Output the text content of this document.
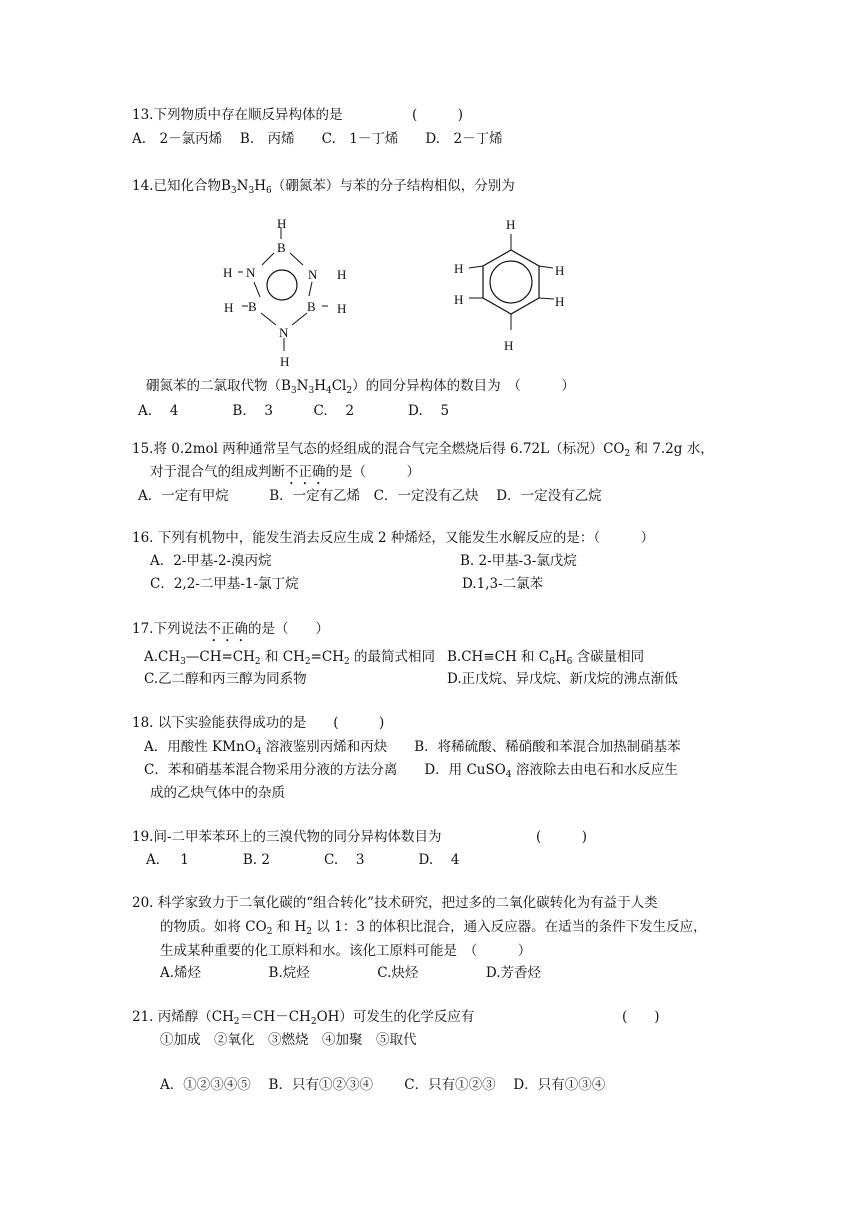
13.下列物质中存在顺反异构体的是	(　　　)
A.　2－氯丙烯　 B.　丙烯　　C.　1－丁烯　　D.　2－丁烯
14.已知化合物$B_3N_3H_6$（硼氮苯）与苯的分子结构相似，分别为
H
B
H N	N H
H B	B H
N
H
H
H
H
H
H
H
硼氮苯的二氯取代物$(B_3N_3H_4Cl_2)$的同分异构体的数目为　（　　　）
A.　 4　　　　B.　 3　　　C.　 2　　　　D.　 5
15.将 0.2mol 两种通常呈气态的烃组成的混合气完全燃烧后得 6.72L（标况）$CO_2$ 和 7.2g 水，
对于混合气的组成判断不正确的是（　　　）
A．一定有甲烷　　　B．一定有乙烯　C．一定没有乙炔　 D．一定没有乙烷
16. 下列有机物中，能发生消去反应生成 2 种烯烃，又能发生水解反应的是：（　　　）
A．2-甲基-2-溴丙烷	B. 2-甲基-3-氯戊烷
C．2,2-二甲基-1-氯丁烷	D.1,3-二氯苯
17.下列说法不正确的是（　　）
$A.CH_3—CH=CH_2$ 和 $CH_2=CH_2$ 的最简式相同 B.CH≡CH 和 $C_6H_6$ 含碳量相同
C.乙二醇和丙三醇为同系物	D.正戊烷、异戊烷、新戊烷的沸点渐低
18. 以下实验能获得成功的是　　(　　　)
A．用酸性 KMnO$_4$ 溶液鉴别丙烯和丙炔　　B．将稀硫酸、稀硝酸和苯混合加热制硝基苯
C．苯和硝基苯混合物采用分液的方法分离　　D．用 CuSO$_4$ 溶液除去由电石和水反应生
成的乙炔气体中的杂质
19.间-二甲苯苯环上的三溴代物的同分异构体数目为	(　　　)
A．　 1　　　　B. 2　　　　C.　 3　　　　D.　 4
20. 科学家致力于二氧化碳的“组合转化”技术研究，把过多的二氧化碳转化为有益于人类
的物质。如将 $CO_2$ 和 $H_2$ 以 1：3 的体积比混合，通入反应器。在适当的条件下发生反应，
生成某种重要的化工原料和水。该化工原料可能是　（　　　）
A.烯烃　　　　　B.烷烃　　　　　C.炔烃　　　　　D.芳香烃
21. 丙烯醇$(CH_2=CH-CH_2OH)$可发生的化学反应有	(　　)
①加成　②氧化　③燃烧　④加聚　⑤取代
A．①②③④⑤　 B．只有①②③④　　 C．只有①②③　 D．只有①③④
